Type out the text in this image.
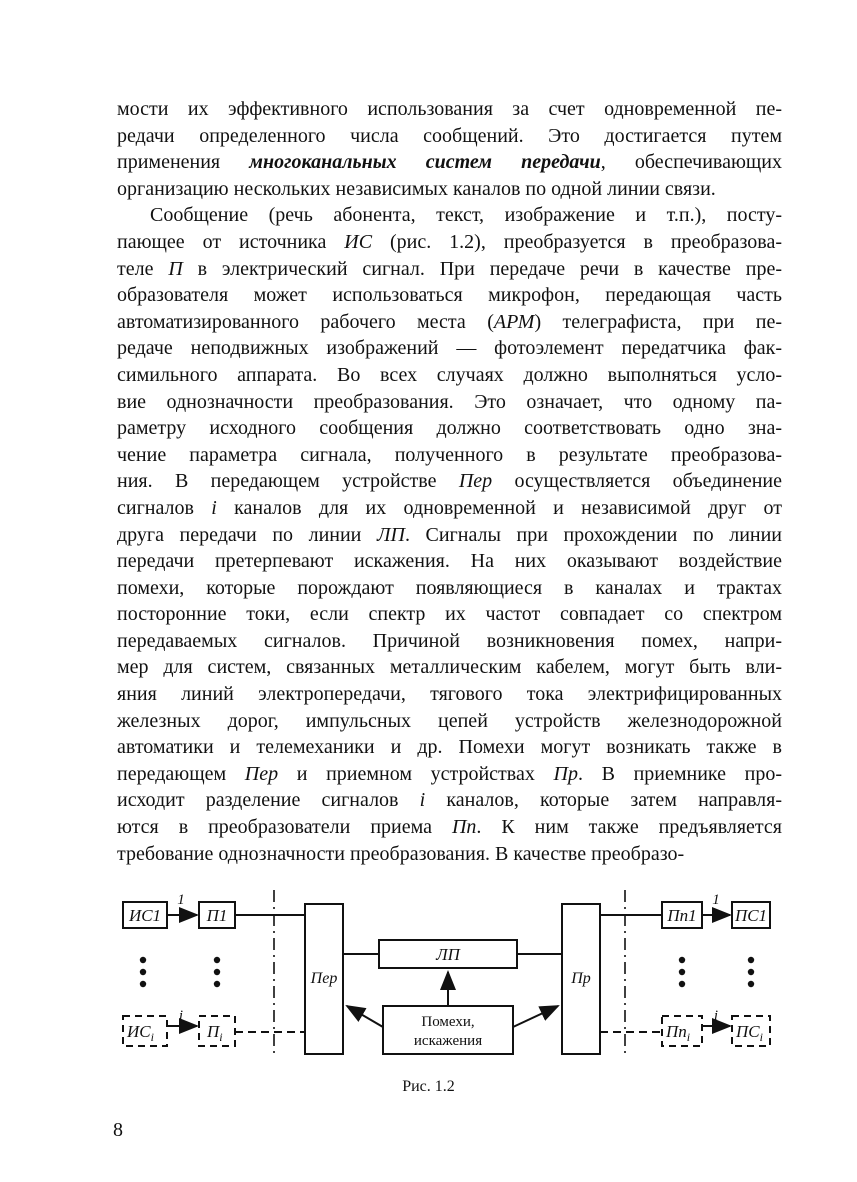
мости их эффективного использования за счет одновременной пе-
редачи определенного числа сообщений. Это достигается путем
применения многоканальных систем передачи, обеспечивающих
организацию нескольких независимых каналов по одной линии связи.
Сообщение (речь абонента, текст, изображение и т.п.), посту-
пающее от источника ИС (рис. 1.2), преобразуется в преобразова-
теле П в электрический сигнал. При передаче речи в качестве пре-
образователя может использоваться микрофон, передающая часть
автоматизированного рабочего места (АРМ) телеграфиста, при пе-
редаче неподвижных изображений — фотоэлемент передатчика фак-
симильного аппарата. Во всех случаях должно выполняться усло-
вие однозначности преобразования. Это означает, что одному па-
раметру исходного сообщения должно соответствовать одно зна-
чение параметра сигнала, полученного в результате преобразова-
ния. В передающем устройстве Пер осуществляется объединение
сигналов i каналов для их одновременной и независимой друг от
друга передачи по линии ЛП. Сигналы при прохождении по линии
передачи претерпевают искажения. На них оказывают воздействие
помехи, которые порождают появляющиеся в каналах и трактах
посторонние токи, если спектр их частот совпадает со спектром
передаваемых сигналов. Причиной возникновения помех, напри-
мер для систем, связанных металлическим кабелем, могут быть вли-
яния линий электропередачи, тягового тока электрифицированных
железных дорог, импульсных цепей устройств железнодорожной
автоматики и телемеханики и др. Помехи могут возникать также в
передающем Пер и приемном устройствах Пр. В приемнике про-
исходит разделение сигналов i каналов, которые затем направля-
ются в преобразователи приема Пп. К ним также предъявляется
требование однозначности преобразования. В качестве преобразо-
ИС1	П1
1
i
$ИС_i$	$П_i$
Пер
ЛП
Пр
Пп1 ПС1
1
i
$Пп_i$	$ПС_i$
Помехи,
искажения
Рис. 1.2
8
